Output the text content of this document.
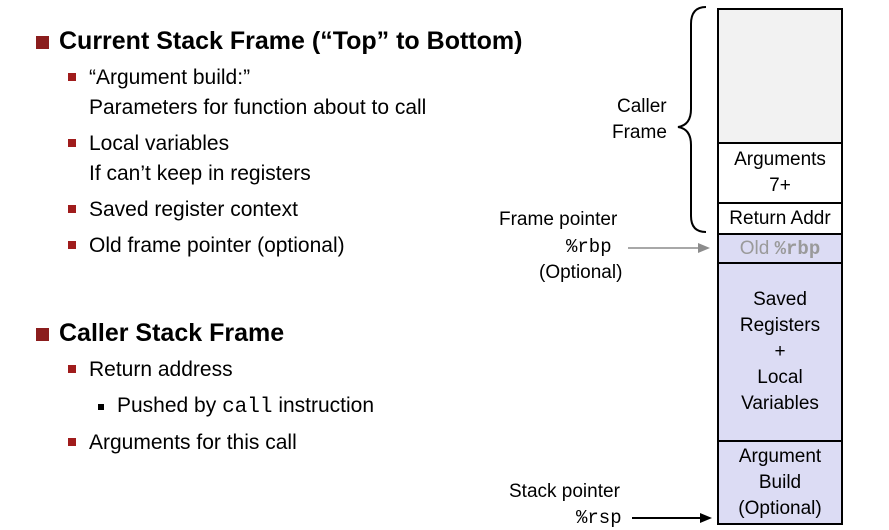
Current Stack Frame (“Top” to Bottom)
“Argument build:”
Parameters for function about to call
Local variables
If can’t keep in registers
Saved register context
Old frame pointer (optional)
Caller Stack Frame
Return address
Pushed by call instruction
Arguments for this call
Caller
Frame
Arguments
7+
Return Addr
Old %rbp
Saved
Registers
+
Local
Variables
Argument
Build
(Optional)
Frame pointer
%rbp
(Optional)
Stack pointer
%rsp
